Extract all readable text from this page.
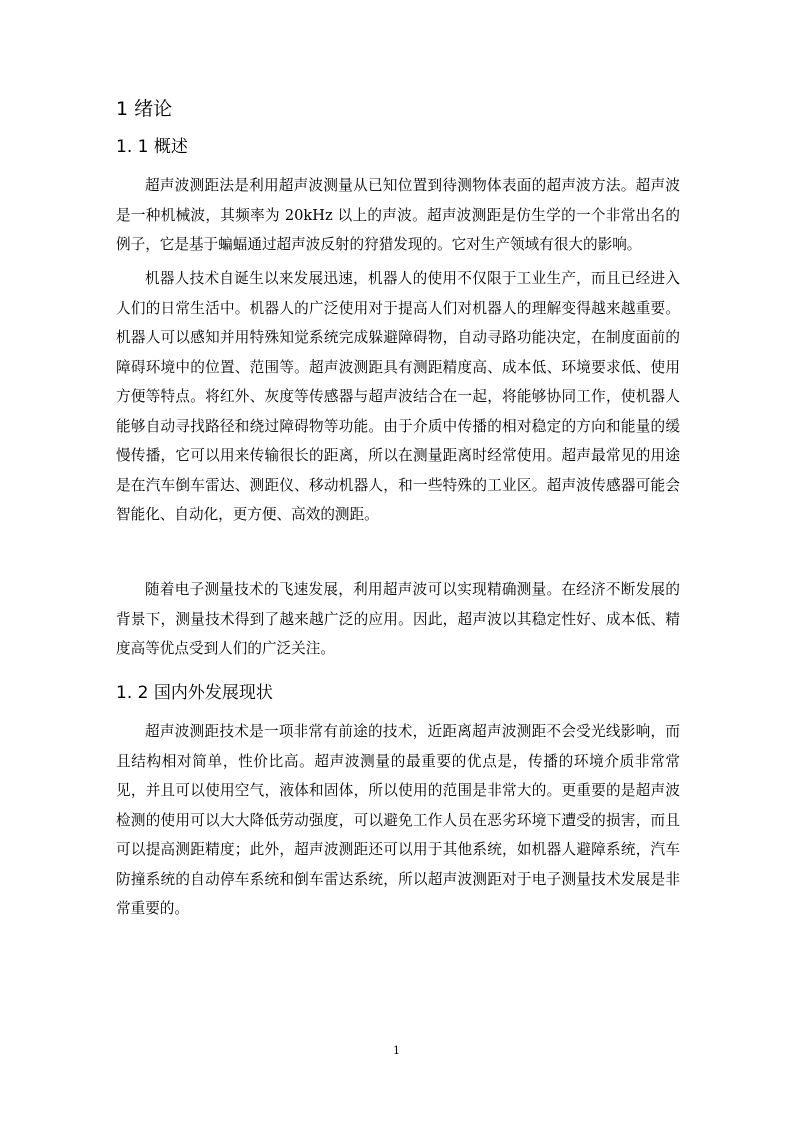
1 绪论
1. 1 概述

超声波测距法是利用超声波测量从已知位置到待测物体表面的超声波方法。超声波是一种机械波，其频率为 20kHz 以上的声波。超声波测距是仿生学的一个非常出名的例子，它是基于蝙蝠通过超声波反射的狩猎发现的。它对生产领域有很大的影响。

机器人技术自诞生以来发展迅速，机器人的使用不仅限于工业生产，而且已经进入人们的日常生活中。机器人的广泛使用对于提高人们对机器人的理解变得越来越重要。机器人可以感知并用特殊知觉系统完成躲避障碍物，自动寻路功能决定，在制度面前的障碍环境中的位置、范围等。超声波测距具有测距精度高、成本低、环境要求低、使用方便等特点。将红外、灰度等传感器与超声波结合在一起，将能够协同工作，使机器人能够自动寻找路径和绕过障碍物等功能。由于介质中传播的相对稳定的方向和能量的缓慢传播，它可以用来传输很长的距离，所以在测量距离时经常使用。超声最常见的用途是在汽车倒车雷达、测距仪、移动机器人，和一些特殊的工业区。超声波传感器可能会智能化、自动化，更方便、高效的测距。

随着电子测量技术的飞速发展，利用超声波可以实现精确测量。在经济不断发展的背景下，测量技术得到了越来越广泛的应用。因此，超声波以其稳定性好、成本低、精度高等优点受到人们的广泛关注。

1. 2 国内外发展现状

超声波测距技术是一项非常有前途的技术，近距离超声波测距不会受光线影响，而且结构相对简单，性价比高。超声波测量的最重要的优点是，传播的环境介质非常常见，并且可以使用空气，液体和固体，所以使用的范围是非常大的。更重要的是超声波检测的使用可以大大降低劳动强度，可以避免工作人员在恶劣环境下遭受的损害，而且可以提高测距精度；此外，超声波测距还可以用于其他系统，如机器人避障系统，汽车防撞系统的自动停车系统和倒车雷达系统，所以超声波测距对于电子测量技术发展是非常重要的。

1
